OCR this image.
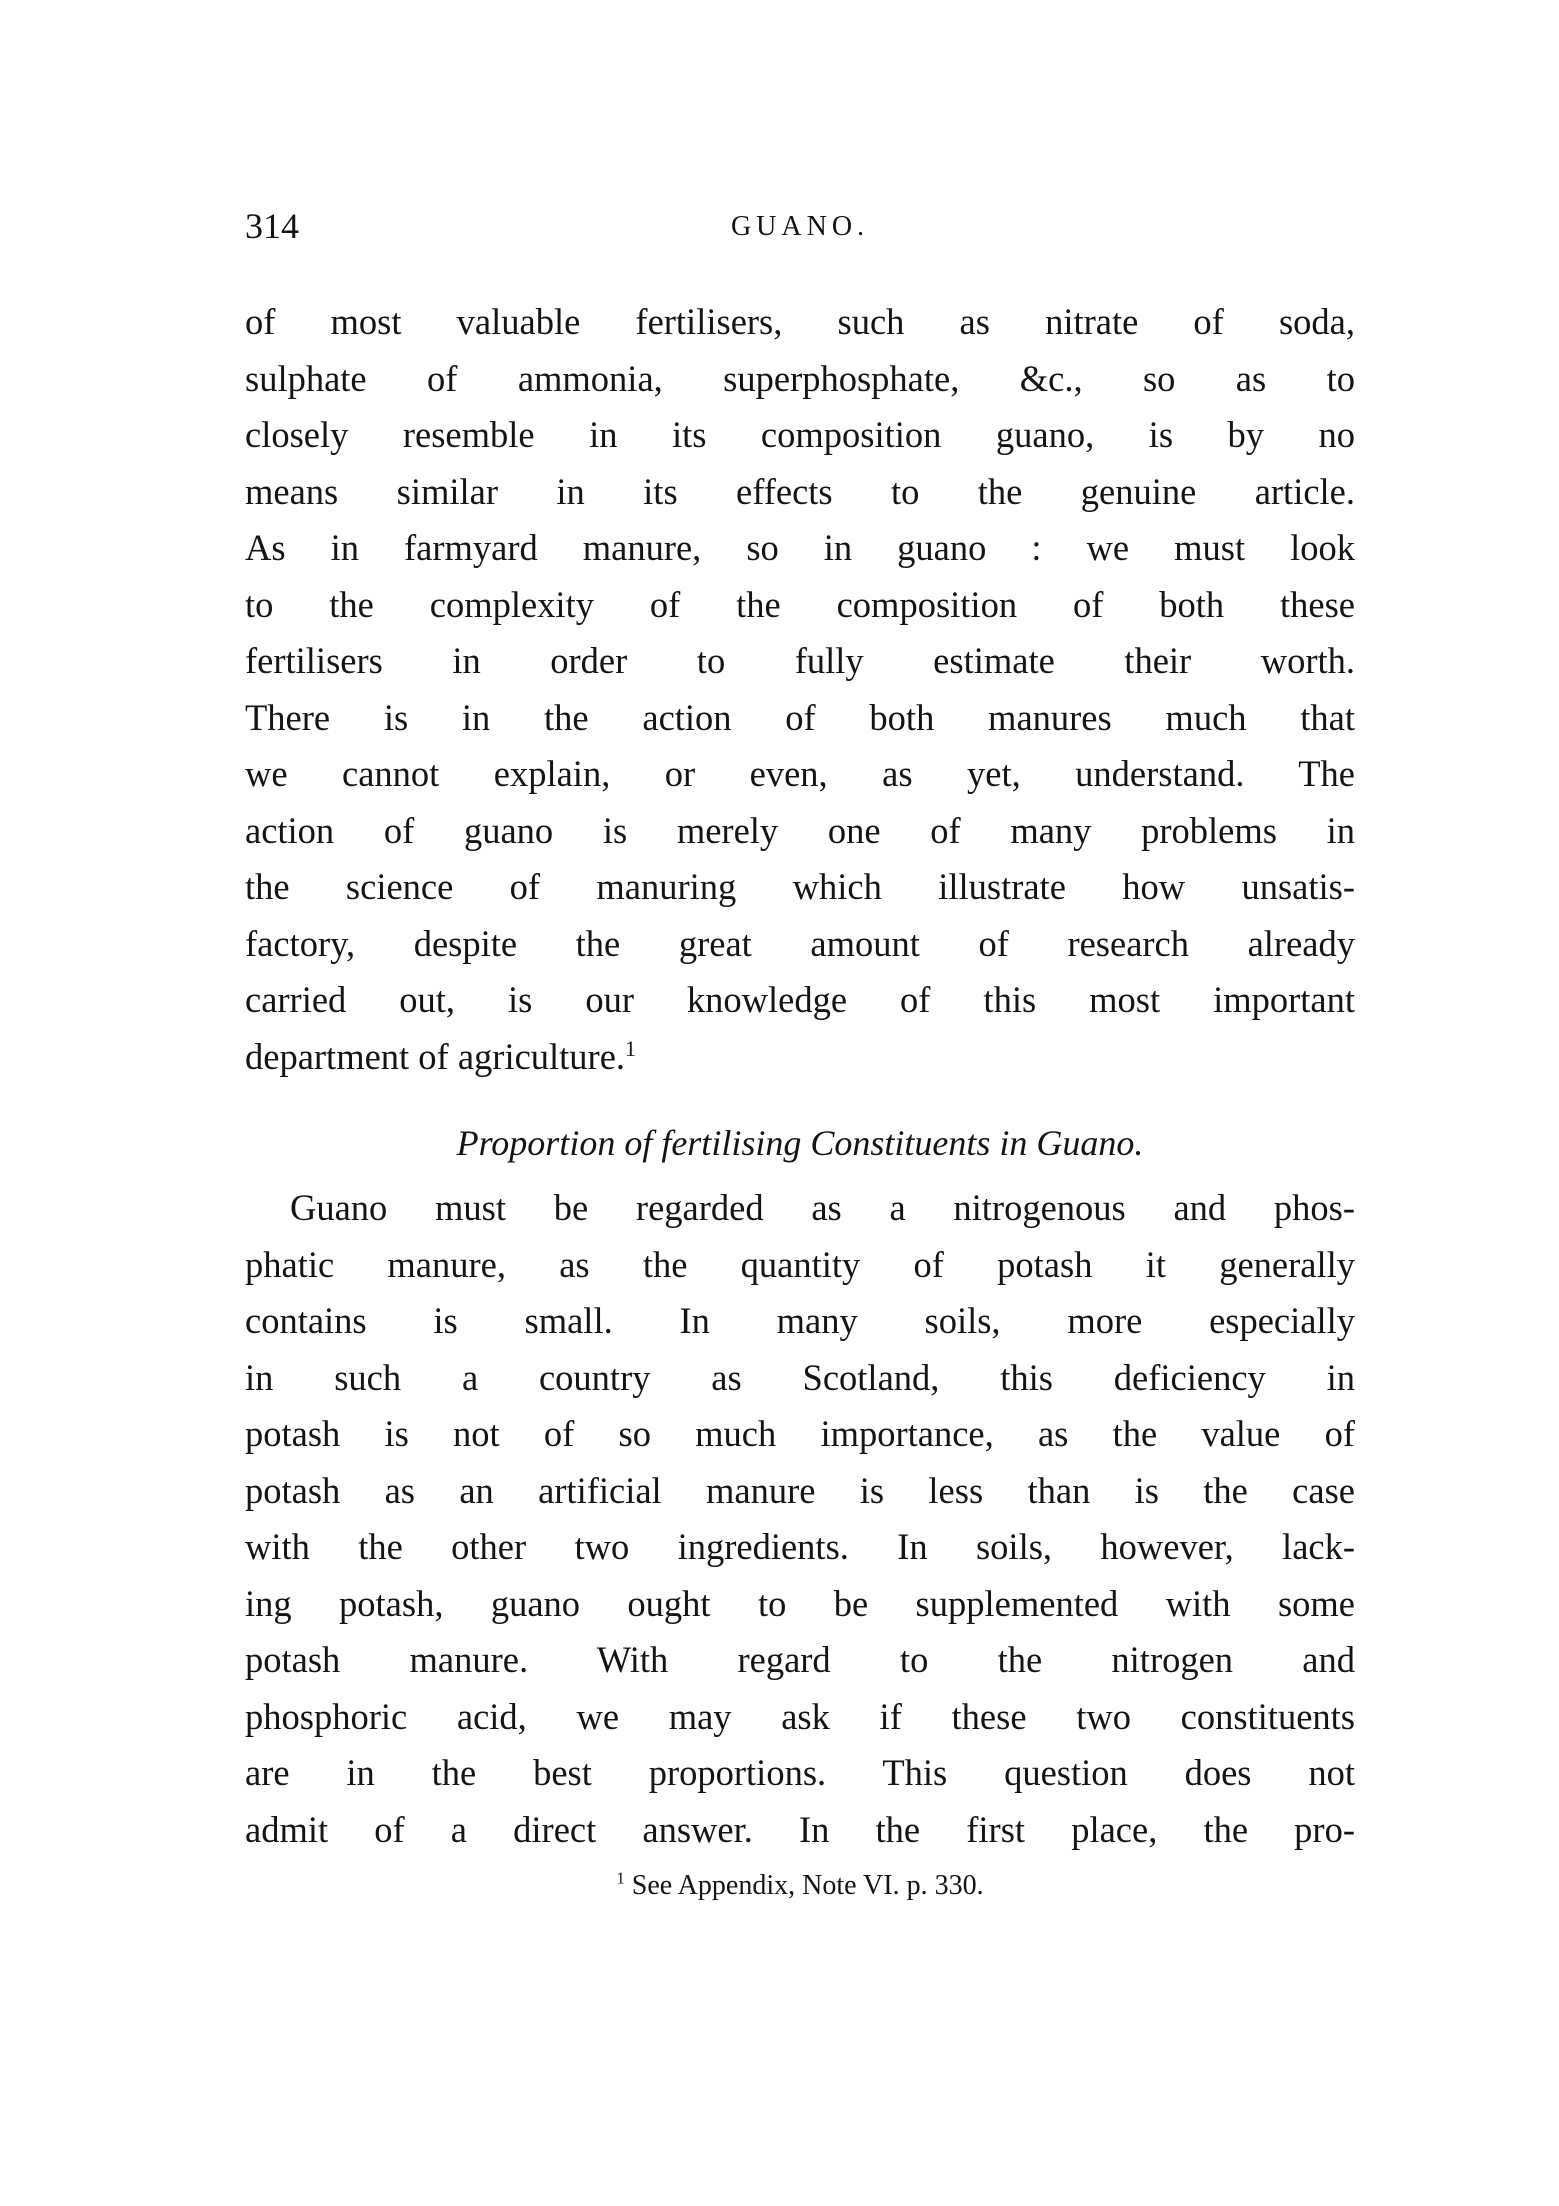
314	GUANO.
of most valuable fertilisers, such as nitrate of soda,
sulphate of ammonia, superphosphate, &c., so as to
closely resemble in its composition guano, is by no
means similar in its effects to the genuine article.
As in farmyard manure, so in guano : we must look
to the complexity of the composition of both these
fertilisers in order to fully estimate their worth.
There is in the action of both manures much that
we cannot explain, or even, as yet, understand. The
action of guano is merely one of many problems in
the science of manuring which illustrate how unsatis-
factory, despite the great amount of research already
carried out, is our knowledge of this most important
department of agriculture.$^1$
Proportion of fertilising Constituents in Guano.
Guano must be regarded as a nitrogenous and phos-
phatic manure, as the quantity of potash it generally
contains is small. In many soils, more especially
in such a country as Scotland, this deficiency in
potash is not of so much importance, as the value of
potash as an artificial manure is less than is the case
with the other two ingredients. In soils, however, lack-
ing potash, guano ought to be supplemented with some
potash manure. With regard to the nitrogen and
phosphoric acid, we may ask if these two constituents
are in the best proportions. This question does not
admit of a direct answer. In the first place, the pro-
$^1$ See Appendix, Note VI. p. 330.
